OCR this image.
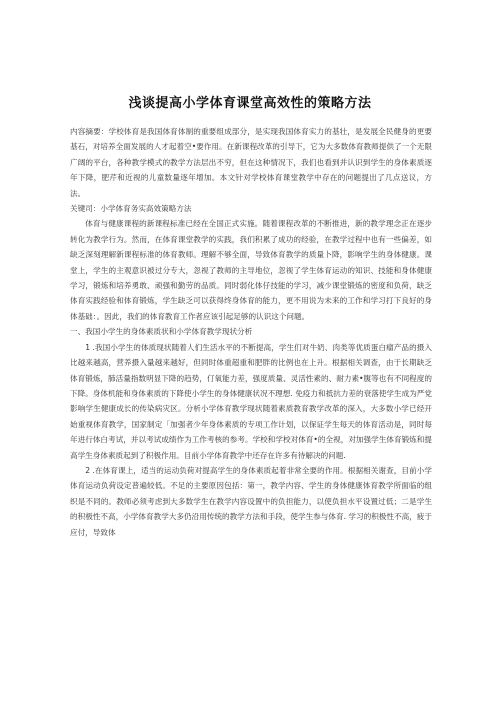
浅谈提高小学体育课堂高效性的策略方法

内容摘要：学校体育是我国体育体制的重要组成部分，是实现我国体育实力的基壮，是发展全民健身的更要基石，对培养全面发展的人才起着空•要作用。在新课程改革的引导下，它为大多数体育教师提供了一个无限广阔的平台，各种教学模式的教学方法层出不穷，但在这种情况下，我们也看到并认识到学生的身体素质逐年下降，肥芹和近视的儿童数量逐年增加。本文针对学校体育课堂教学中存在的问题提出了几点送议，方法。

关键司：小学体育务实高效策略方法

体育与健康课程的新课程标准已经在全国正式实施。随着课程改革的不断推进，新的教学理念正在逐步转化为教学行为。然而，在体育课堂教学的实践，我们积累了成功的经验，在教学过程中也有一些偏差，如缺乏深刻理解新课程标准的体育教师。理解不够全面，导致体育教学的质量卜降，影响学生的身体健康。课堂上，学生的主观意识被过分专大，忽视了教师的主导地位，忽视了学生体育运动的知识、技能和身体健康学习，锻炼和培养勇敢、顽强和勤劳的品质。同时弱化体仔技能的学习，减少课堂锻炼的密度和负荷，缺乏体育实践经验和体育锻炼，学生缺乏可以获得终身体育的能力，更不用说为未来的工作和学习打下良好的身体基础：。因此，我们的体育教育工作者应该引起足够的认识这个问题。

一、我国小学生的身体素质状和小学体育教学现状分析

1 .我国小学生的体质现状随着人们生活水平的不断提高，学生们对牛奶、肉类等优质蛋白瘤产品的摄入比越来越高，营养摄入量越来越好，但同时体重超重和肥胖的比例也在上升。根据相关调查，由于长期缺乏体育锻炼，肺活量指数明显下降的趋势，仃氧能力差，强度质量、灵活性素的、耐力素•腹等也有不同程度的下降。身体机能和身体素质的下降使小学生的身体健康状况不理想. 免疫力和抵抗力差的衰落使学生成为严党影响学生健康成长的传染病灾区。分析小学体育教学现状随着素质教育教学改革的深入，大多数小学已经开始重视体育教学，国家制定「加强者少年身体素质的专项工作计划，以保证学生每天的体育活动是，同时每年进行体白考试，并以考试成绩作为工作考核的参考。学校和学校对体育•的全视，对加强学生体育锻炼和提高学生身体素质起到了积极作用。目前小学体育教学中还存在许多有待解决的问题.

2 .在体育课上，适当的运动负荷对提高学生的身体素质起着非常全要的作用。根据相关谢查，目前小学体育运动负荷设定普遍较低。不足的主要原因包括：第一，教学内容、学生的身体健康体育教学所面临的组织是不同的。教师必须考虑到大多数学生在教学内容设置中的负担能力，以使负担水平设置过低；二是学生的积极性不高，小学体育教学大多仍沿用传统的教学方法和手段，使学生参与体育. 学习的积极性不高，疲于应付，导致体
